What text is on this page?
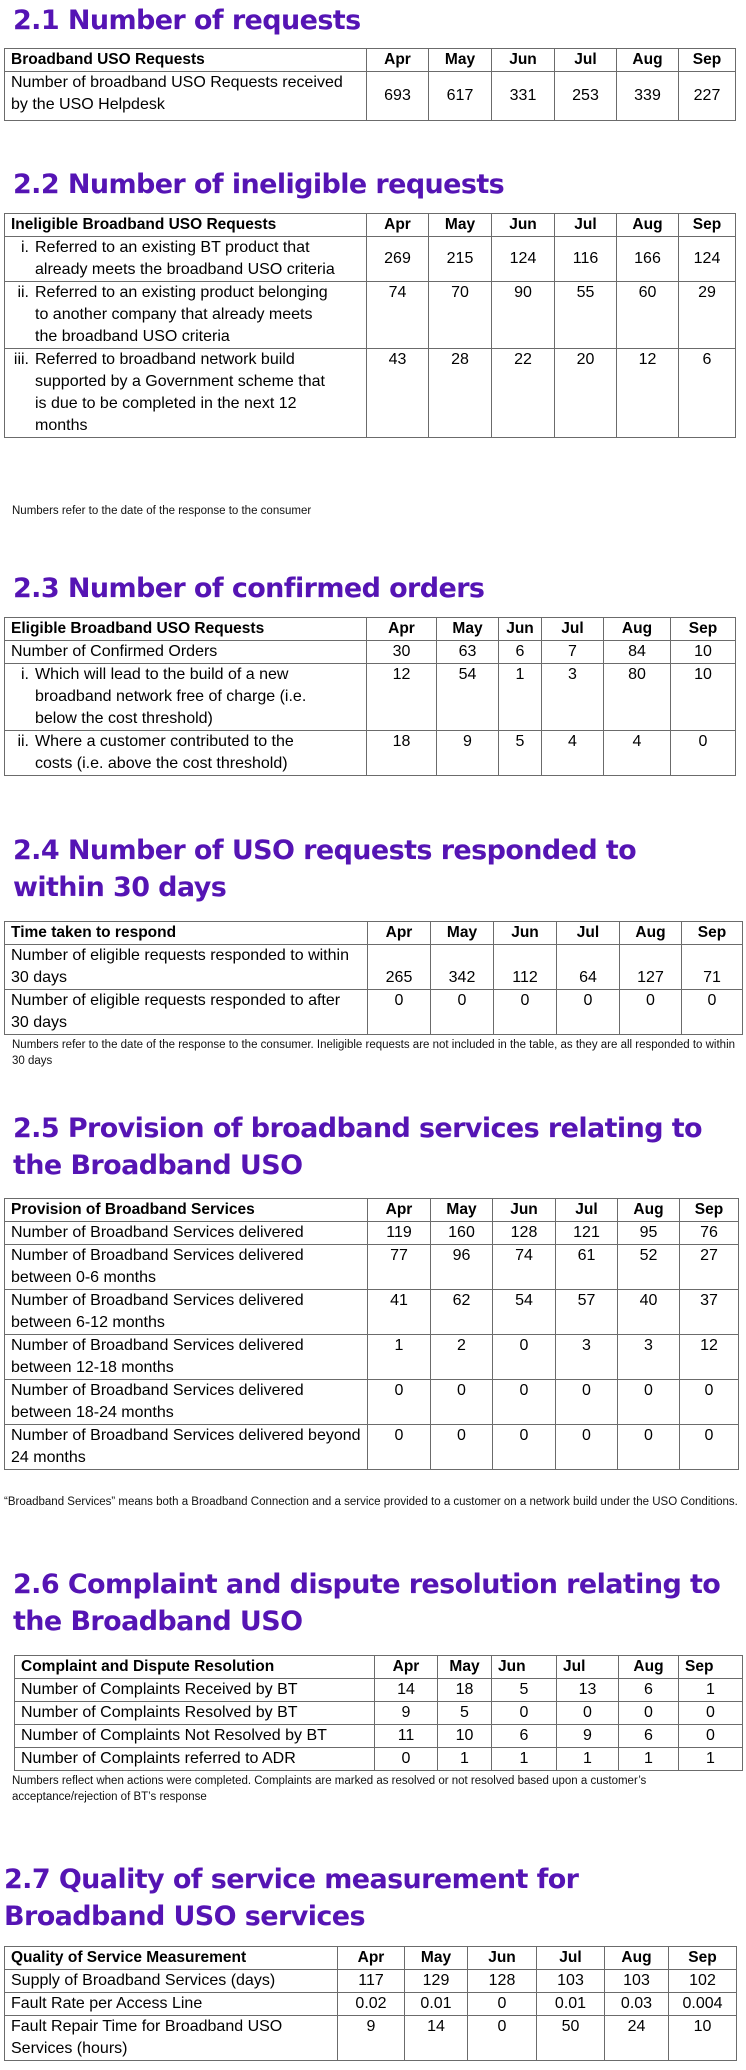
2.1 Number of requests
Broadband USO Requests	Apr	May	Jun	Jul	Aug	Sep
Number of broadband USO Requests received by the USO Helpdesk	693	617	331	253	339	227
2.2 Number of ineligible requests
Ineligible Broadband USO Requests	Apr	May	Jun	Jul	Aug	Sep
i. Referred to an existing BT product that already meets the broadband USO criteria	269	215	124	116	166	124
ii. Referred to an existing product belonging to another company that already meets the broadband USO criteria	74	70	90	55	60	29
iii. Referred to broadband network build supported by a Government scheme that is due to be completed in the next 12 months	43	28	22	20	12	6

Numbers refer to the date of the response to the consumer

2.3 Number of confirmed orders
Eligible Broadband USO Requests	Apr	May	Jun	Jul	Aug	Sep
Number of Confirmed Orders	30	63	6	7	84	10
i. Which will lead to the build of a new broadband network free of charge (i.e. below the cost threshold)	12	54	1	3	80	10
ii. Where a customer contributed to the costs (i.e. above the cost threshold)	18	9	5	4	4	0
2.4 Number of USO requests responded to within 30 days
Time taken to respond	Apr	May	Jun	Jul	Aug	Sep
Number of eligible requests responded to within 30 days	265	342	112	64	127	71
Number of eligible requests responded to after 30 days	0	0	0	0	0	0

Numbers refer to the date of the response to the consumer. Ineligible requests are not included in the table, as they are all responded to within 30 days

2.5 Provision of broadband services relating to the Broadband USO
Provision of Broadband Services	Apr	May	Jun	Jul	Aug	Sep
Number of Broadband Services delivered	119	160	128	121	95	76
Number of Broadband Services delivered between 0-6 months	77	96	74	61	52	27
Number of Broadband Services delivered between 6-12 months	41	62	54	57	40	37
Number of Broadband Services delivered between 12-18 months	1	2	0	3	3	12
Number of Broadband Services delivered between 18-24 months	0	0	0	0	0	0
Number of Broadband Services delivered beyond 24 months	0	0	0	0	0	0

“Broadband Services” means both a Broadband Connection and a service provided to a customer on a network build under the USO Conditions.

2.6 Complaint and dispute resolution relating to the Broadband USO
Complaint and Dispute Resolution	Apr	May	Jun	Jul	Aug	Sep
Number of Complaints Received by BT	14	18	5	13	6	1
Number of Complaints Resolved by BT	9	5	0	0	0	0
Number of Complaints Not Resolved by BT	11	10	6	9	6	0
Number of Complaints referred to ADR	0	1	1	1	1	1

Numbers reflect when actions were completed. Complaints are marked as resolved or not resolved based upon a customer’s acceptance/rejection of BT’s response

2.7 Quality of service measurement for Broadband USO services
Quality of Service Measurement	Apr	May	Jun	Jul	Aug	Sep
Supply of Broadband Services (days)	117	129	128	103	103	102
Fault Rate per Access Line	0.02	0.01	0	0.01	0.03	0.004
Fault Repair Time for Broadband USO Services (hours)	9	14	0	50	24	10
